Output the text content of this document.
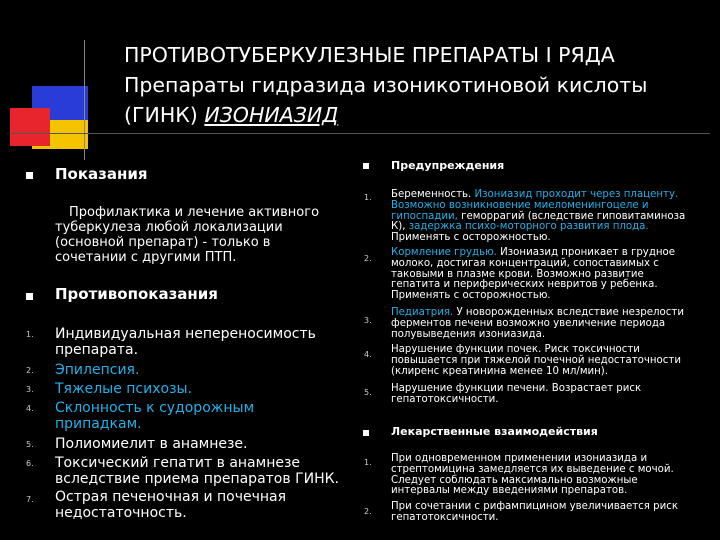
ПРОТИВОТУБЕРКУЛЕЗНЫЕ ПРЕПАРАТЫ I РЯДА
Препараты гидразида изоникотиновой кислоты
(ГИНК) ИЗОНИАЗИД
Показания
Профилактика и лечение активного туберкулеза любой локализации (основной препарат) - только в сочетании с другими ПТП.
Противопоказания
1. Индивидуальная непереносимость препарата.
2. Эпилепсия.
3. Тяжелые психозы.
4. Склонность к судорожным припадкам.
5. Полиомиелит в анамнезе.
6. Токсический гепатит в анамнезе вследствие приема препаратов ГИНК.
7. Острая печеночная и почечная недостаточность.
Предупреждения
1. Беременность. Изониазид проходит через плаценту. Возможно возникновение миеломенингоцеле и гипоспадии, геморрагий (вследствие гиповитаминоза К), задержка психо-моторного развития плода. Применять с осторожностью.
2.
Кормление грудью. Изониазид проникает в грудное молоко, достигая концентраций, сопоставимых с таковыми в плазме крови. Возможно развитие гепатита и периферических невритов у ребенка. Применять с осторожностью.
3.
Педиатрия. У новорожденных вследствие незрелости ферментов печени возможно увеличение периода полувыведения изониазида.
4. Нарушение функции почек. Риск токсичности повышается при тяжелой почечной недостаточности (клиренс креатинина менее 10 мл/мин).
5. Нарушение функции печени. Возрастает риск гепатотоксичности.
Лекарственные взаимодействия
1. При одновременном применении изониазида и стрептомицина замедляется их выведение с мочой. Следует соблюдать максимально возможные интервалы между введениями препаратов.
2. При сочетании с рифампицином увеличивается риск гепатотоксичности.
